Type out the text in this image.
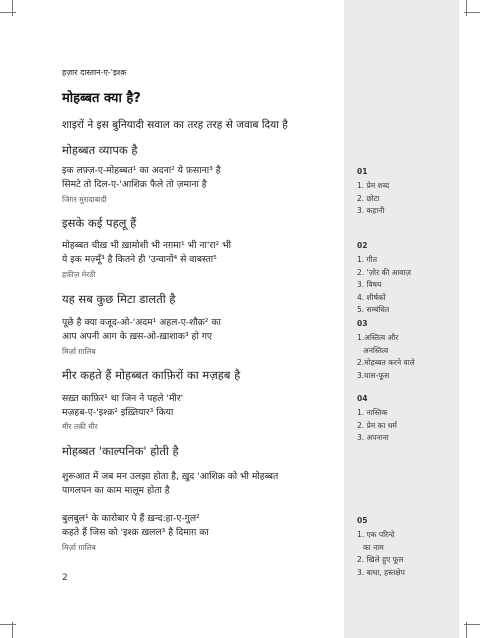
हज़ार दास्तान-ए-'इश्क़
मोहब्बत क्या है?
शाइरों ने इस बुनियादी सवाल का तरह तरह से जवाब दिया है
मोहब्बत व्यापक है
इक लफ़्ज़-ए-मोहब्बत¹ का अदना² ये फ़साना³ है
सिमटे तो दिल-ए-'आशिक़ फैले तो ज़माना है
जिगर मुरादाबादी
इसके कई पहलू हैं
मोहब्बत चीख़ भी ख़ामोशी भी नग़मा¹ भी ना'रा² भी
ये इक मज़्मूँ³ है कितने ही 'उन्वानों⁴ से वाबस्ता⁵
हफ़ीज़ मेरठी
यह सब कुछ मिटा डालती है
पूछे है क्या वजूद-ओ-'अदम¹ अहल-ए-शौक़² का
आप अपनी आग के ख़स-ओ-ख़ाशाक³ हो गए
मिर्ज़ा ग़ालिब
मीर कहते हैं मोहब्बत काफ़िरों का मज़हब है
सख़्त काफ़िर¹ था जिन ने पहले 'मीर'
मज़हब-ए-'इश्क़² इख़्तियार³ किया
मीर तक़ी मीर
मोहब्बत 'काल्पनिक' होती है
शुरूआत में जब मन उलझा होता है, ख़ुद 'आशिक़ को भी मोहब्बत
पागलपन का काम मालूम होता है
बुलबुल¹ के कारोबार पे हैं ख़न्द:हा-ए-गुल²
कहते हैं जिस को 'इश्क़ ख़लल³ है दिमाग़ का
मिर्ज़ा ग़ालिब
2
01
1. प्रेम शब्द
2. छोटा
3. कहानी
02
1. गीत
2. 'ज़ोर की आवाज़
3. विषय
4. शीर्षकों
5. सम्बंधित
03
1.अस्तित्व और
अनस्तित्व
2.मोहब्बत करने वाले
3.घास-फूस
04
1. नास्तिक
2. प्रेम का धर्म
3. अपनाना
05
1. एक परिन्दे
का नाम
2. खिले हुए फूल
3. बाधा, हस्तक्षेप
